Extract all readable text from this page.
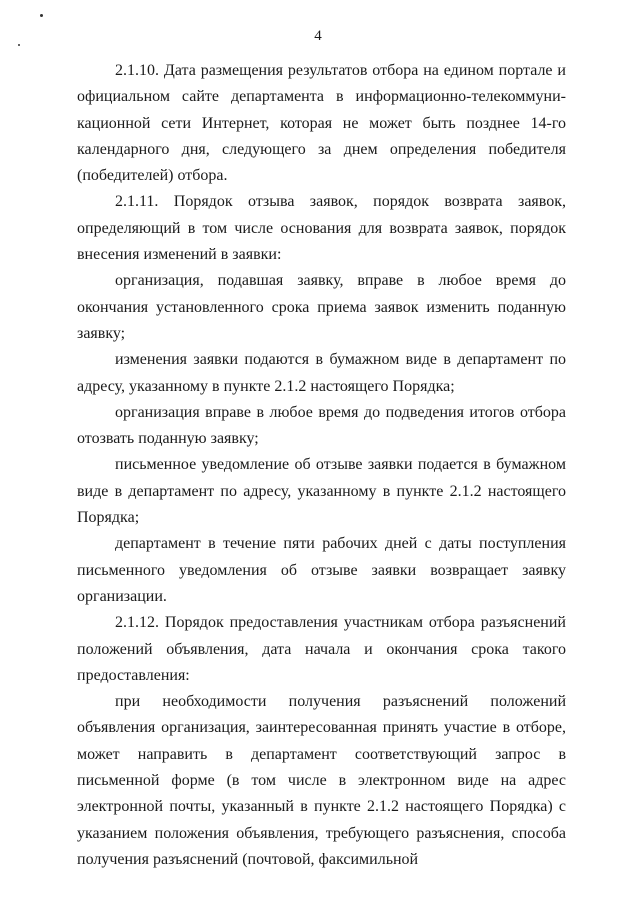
4

2.1.10. Дата размещения результатов отбора на едином портале и официальном сайте департамента в информационно-телекоммуни-кационной сети Интернет, которая не может быть позднее 14-го календарного дня, следующего за днем определения победителя (победителей) отбора.

2.1.11. Порядок отзыва заявок, порядок возврата заявок, определяющий в том числе основания для возврата заявок, порядок внесения изменений в заявки:

организация, подавшая заявку, вправе в любое время до окончания установленного срока приема заявок изменить поданную заявку;

изменения заявки подаются в бумажном виде в департамент по адресу, указанному в пункте 2.1.2 настоящего Порядка;

организация вправе в любое время до подведения итогов отбора отозвать поданную заявку;

письменное уведомление об отзыве заявки подается в бумажном виде в департамент по адресу, указанному в пункте 2.1.2 настоящего Порядка;

департамент в течение пяти рабочих дней с даты поступления письменного уведомления об отзыве заявки возвращает заявку организации.

2.1.12. Порядок предоставления участникам отбора разъяснений положений объявления, дата начала и окончания срока такого предоставления:

при необходимости получения разъяснений положений объявления организация, заинтересованная принять участие в отборе, может направить в департамент соответствующий запрос в письменной форме (в том числе в электронном виде на адрес электронной почты, указанный в пункте 2.1.2 настоящего Порядка) с указанием положения объявления, требующего разъяснения, способа получения разъяснений (почтовой, факсимильной
